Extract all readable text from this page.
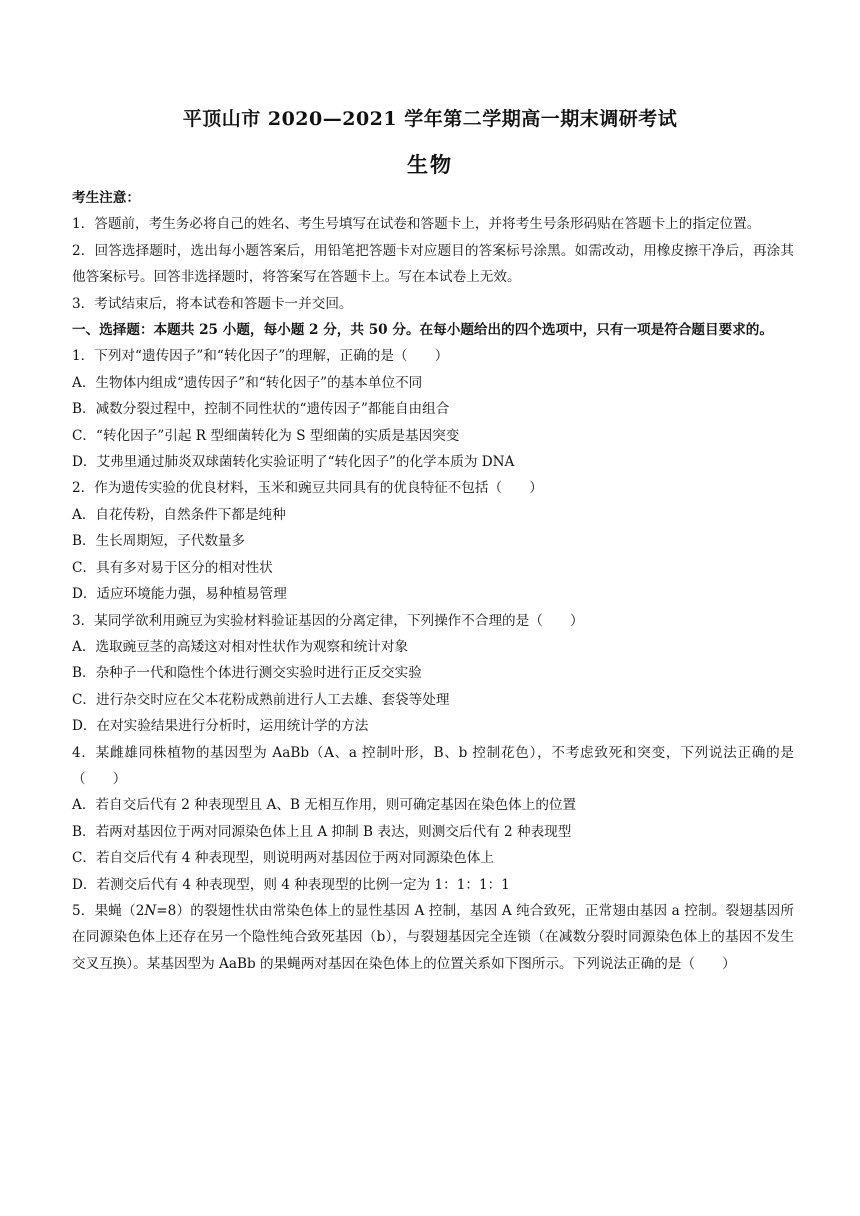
平顶山市 2020—2021 学年第二学期高一期末调研考试
生物

考生注意：

1．答题前，考生务必将自己的姓名、考生号填写在试卷和答题卡上，并将考生号条形码贴在答题卡上的指定位置。

2．回答选择题时，选出每小题答案后，用铅笔把答题卡对应题目的答案标号涂黑。如需改动，用橡皮擦干净后，再涂其他答案标号。回答非选择题时，将答案写在答题卡上。写在本试卷上无效。

3．考试结束后，将本试卷和答题卡一并交回。

一、选择题：本题共 25 小题，每小题 2 分，共 50 分。在每小题给出的四个选项中，只有一项是符合题目要求的。

1．下列对“遗传因子”和“转化因子”的理解，正确的是（　　）

A．生物体内组成“遗传因子”和“转化因子”的基本单位不同

B．减数分裂过程中，控制不同性状的“遗传因子”都能自由组合

C．“转化因子”引起 R 型细菌转化为 S 型细菌的实质是基因突变

D．艾弗里通过肺炎双球菌转化实验证明了“转化因子”的化学本质为 DNA

2．作为遗传实验的优良材料，玉米和豌豆共同具有的优良特征不包括（　　）

A．自花传粉，自然条件下都是纯种

B．生长周期短，子代数量多

C．具有多对易于区分的相对性状

D．适应环境能力强，易种植易管理

3．某同学欲利用豌豆为实验材料验证基因的分离定律，下列操作不合理的是（　　）

A．选取豌豆茎的高矮这对相对性状作为观察和统计对象

B．杂种子一代和隐性个体进行测交实验时进行正反交实验

C．进行杂交时应在父本花粉成熟前进行人工去雄、套袋等处理

D．在对实验结果进行分析时，运用统计学的方法

4．某雌雄同株植物的基因型为 AaBb（A、a 控制叶形，B、b 控制花色），不考虑致死和突变，下列说法正确的是（　　）

A．若自交后代有 2 种表现型且 A、B 无相互作用，则可确定基因在染色体上的位置

B．若两对基因位于两对同源染色体上且 A 抑制 B 表达，则测交后代有 2 种表现型

C．若自交后代有 4 种表现型，则说明两对基因位于两对同源染色体上

D．若测交后代有 4 种表现型，则 4 种表现型的比例一定为 1：1：1：1

5．果蝇（2N=8）的裂翅性状由常染色体上的显性基因 A 控制，基因 A 纯合致死，正常翅由基因 a 控制。裂翅基因所在同源染色体上还存在另一个隐性纯合致死基因（b），与裂翅基因完全连锁（在减数分裂时同源染色体上的基因不发生交叉互换）。某基因型为 AaBb 的果蝇两对基因在染色体上的位置关系如下图所示。下列说法正确的是（　　）
